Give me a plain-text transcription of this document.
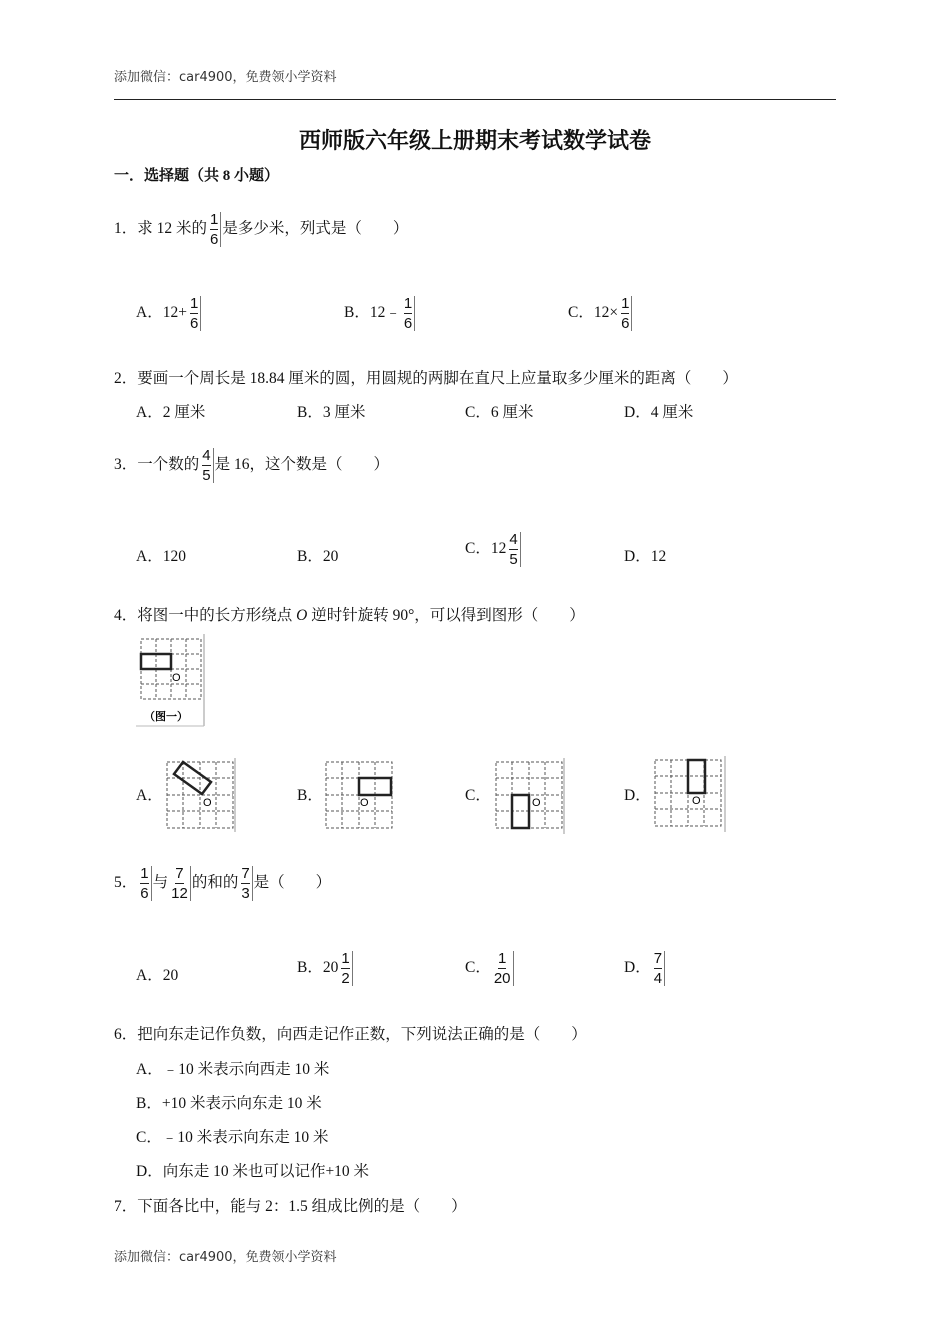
添加微信：car4900，免费领小学资料
西师版六年级上册期末考试数学试卷
一．选择题（共 8 小题）
1．求 12 米的 $\frac{1}{6}$ 是多少米，列式是（　　）
A．$12+ \frac{1}{6}$	B．12﹣ $\frac{1}{6}$	C．$12\times \frac{1}{6}$
2．要画一个周长是 18.84 厘米的圆，用圆规的两脚在直尺上应量取多少厘米的距离（　　）
A．2 厘米	B．3 厘米	C．6 厘米	D．4 厘米
3．一个数的 $\frac{4}{5}$ 是 16，这个数是（　　）
A．120	B．20	C．$12 \frac{4}{5}$	D．12
4．将图一中的长方形绕点 O 逆时针旋转 90°，可以得到图形（　　）
O
（图一）
A．	O	B．	O	C．	O	D．	O
5． $\frac{1}{6}$ 与 $\frac{7}{12}$ 的和的 $\frac{7}{3}$ 是（　　）
A．20	B．$20 \frac{1}{2}$	C． $\frac{1}{20}$	D． $\frac{7}{4}$
6．把向东走记作负数，向西走记作正数，下列说法正确的是（　　）
A．﹣10 米表示向西走 10 米
B．+10 米表示向东走 10 米
C．﹣10 米表示向东走 10 米
D．向东走 10 米也可以记作+10 米
7．下面各比中，能与 2：1.5 组成比例的是（　　）
添加微信：car4900，免费领小学资料
